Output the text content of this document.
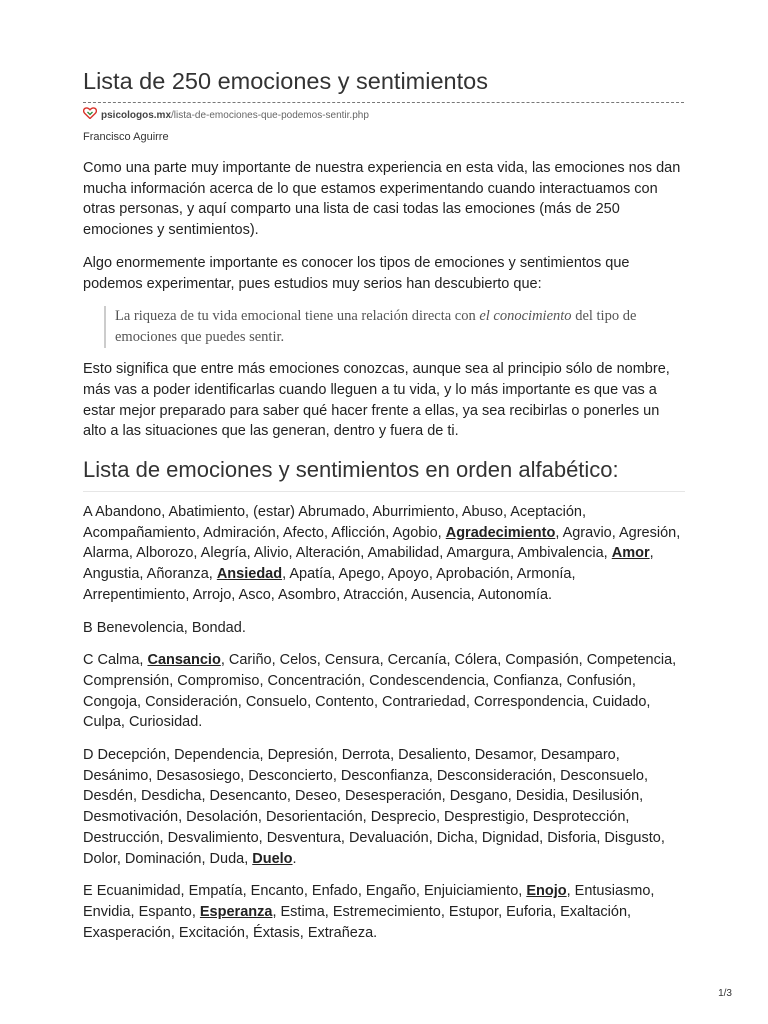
Lista de 250 emociones y sentimientos
psicologos.mx/lista-de-emociones-que-podemos-sentir.php
Francisco Aguirre

Como una parte muy importante de nuestra experiencia en esta vida, las emociones nos dan mucha información acerca de lo que estamos experimentando cuando interactuamos con otras personas, y aquí comparto una lista de casi todas las emociones (más de 250 emociones y sentimientos).

Algo enormemente importante es conocer los tipos de emociones y sentimientos que podemos experimentar, pues estudios muy serios han descubierto que:

La riqueza de tu vida emocional tiene una relación directa con el conocimiento del tipo de emociones que puedes sentir.

Esto significa que entre más emociones conozcas, aunque sea al principio sólo de nombre, más vas a poder identificarlas cuando lleguen a tu vida, y lo más importante es que vas a estar mejor preparado para saber qué hacer frente a ellas, ya sea recibirlas o ponerles un alto a las situaciones que las generan, dentro y fuera de ti.

Lista de emociones y sentimientos en orden alfabético:

A Abandono, Abatimiento, (estar) Abrumado, Aburrimiento, Abuso, Aceptación, Acompañamiento, Admiración, Afecto, Aflicción, Agobio, Agradecimiento, Agravio, Agresión, Alarma, Alborozo, Alegría, Alivio, Alteración, Amabilidad, Amargura, Ambivalencia, Amor, Angustia, Añoranza, Ansiedad, Apatía, Apego, Apoyo, Aprobación, Armonía, Arrepentimiento, Arrojo, Asco, Asombro, Atracción, Ausencia, Autonomía.

B Benevolencia, Bondad.

C Calma, Cansancio, Cariño, Celos, Censura, Cercanía, Cólera, Compasión, Competencia, Comprensión, Compromiso, Concentración, Condescendencia, Confianza, Confusión, Congoja, Consideración, Consuelo, Contento, Contrariedad, Correspondencia, Cuidado, Culpa, Curiosidad.

D Decepción, Dependencia, Depresión, Derrota, Desaliento, Desamor, Desamparo, Desánimo, Desasosiego, Desconcierto, Desconfianza, Desconsideración, Desconsuelo, Desdén, Desdicha, Desencanto, Deseo, Desesperación, Desgano, Desidia, Desilusión, Desmotivación, Desolación, Desorientación, Desprecio, Desprestigio, Desprotección, Destrucción, Desvalimiento, Desventura, Devaluación, Dicha, Dignidad, Disforia, Disgusto, Dolor, Dominación, Duda, Duelo.

E Ecuanimidad, Empatía, Encanto, Enfado, Engaño, Enjuiciamiento, Enojo, Entusiasmo, Envidia, Espanto, Esperanza, Estima, Estremecimiento, Estupor, Euforia, Exaltación, Exasperación, Excitación, Éxtasis, Extrañeza.

1/3
